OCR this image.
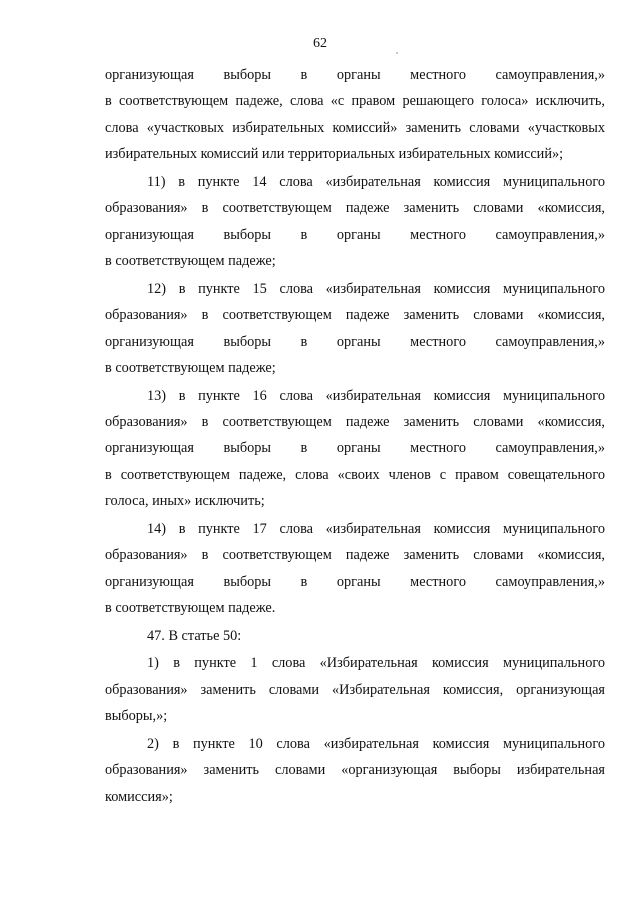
62
организующая выборы в органы местного самоуправления,»
в соответствующем падеже, слова «с правом решающего голоса» исключить,
слова «участковых избирательных комиссий» заменить словами «участковых
избирательных комиссий или территориальных избирательных комиссий»;
11) в пункте 14 слова «избирательная комиссия муниципального
образования» в соответствующем падеже заменить словами «комиссия,
организующая выборы в органы местного самоуправления,»
в соответствующем падеже;
12) в пункте 15 слова «избирательная комиссия муниципального
образования» в соответствующем падеже заменить словами «комиссия,
организующая выборы в органы местного самоуправления,»
в соответствующем падеже;
13) в пункте 16 слова «избирательная комиссия муниципального
образования» в соответствующем падеже заменить словами «комиссия,
организующая выборы в органы местного самоуправления,»
в соответствующем падеже, слова «своих членов с правом совещательного
голоса, иных» исключить;
14) в пункте 17 слова «избирательная комиссия муниципального
образования» в соответствующем падеже заменить словами «комиссия,
организующая выборы в органы местного самоуправления,»
в соответствующем падеже.
47. В статье 50:
1) в пункте 1 слова «Избирательная комиссия муниципального
образования» заменить словами «Избирательная комиссия, организующая
выборы,»;
2) в пункте 10 слова «избирательная комиссия муниципального
образования» заменить словами «организующая выборы избирательная
комиссия»;
